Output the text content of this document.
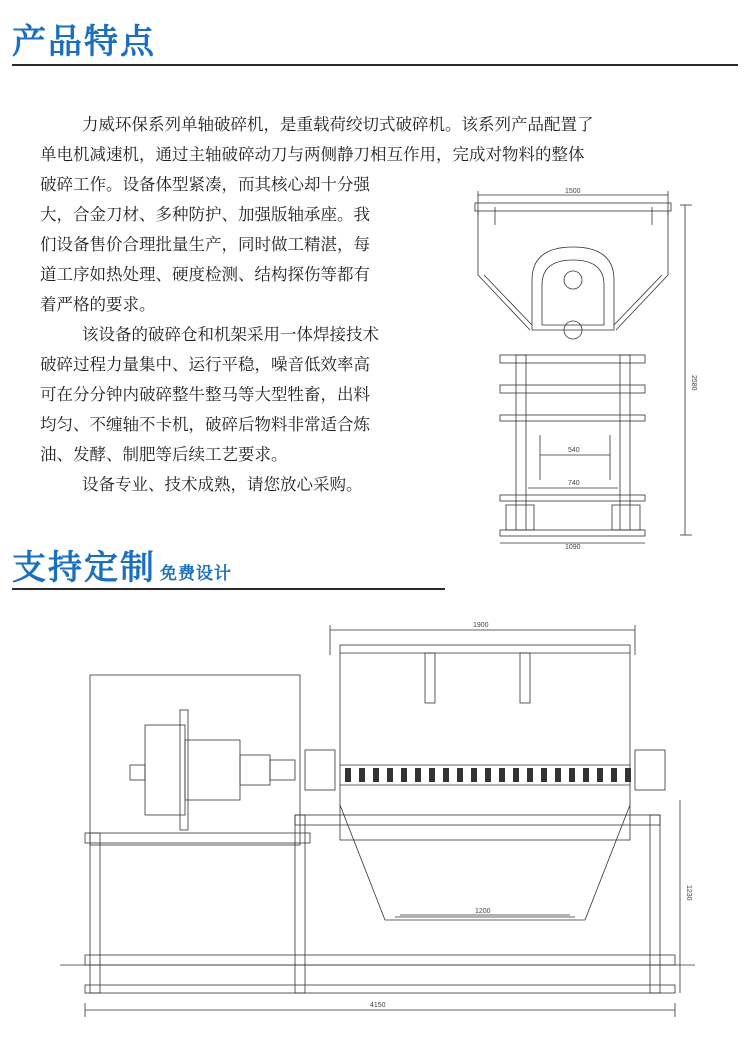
产品特点
力威环保系列单轴破碎机，是重载荷绞切式破碎机。该系列产品配置了
单电机减速机，通过主轴破碎动刀与两侧静刀相互作用，完成对物料的整体
破碎工作。设备体型紧凑，而其核心却十分强
大，合金刀材、多种防护、加强版轴承座。我
们设备售价合理批量生产，同时做工精湛，每
道工序如热处理、硬度检测、结构探伤等都有
着严格的要求。
该设备的破碎仓和机架采用一体焊接技术
破碎过程力量集中、运行平稳，噪音低效率高
可在分分钟内破碎整牛整马等大型牲畜，出料
均匀、不缠轴不卡机，破碎后物料非常适合炼
油、发酵、制肥等后续工艺要求。
设备专业、技术成熟，请您放心采购。
1500
540
740
1090
2580
支持定制 免费设计
1900
1200
1230
4150
